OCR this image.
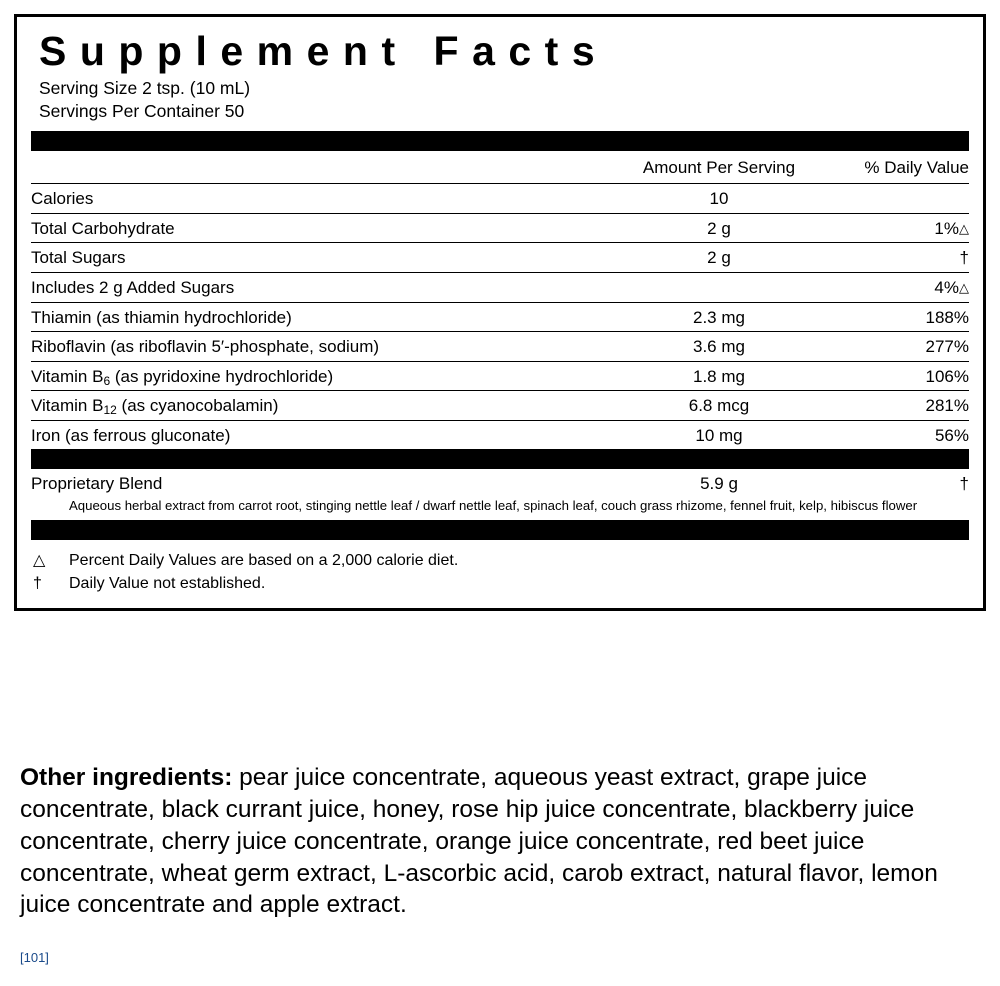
Supplement Facts
Serving Size 2 tsp. (10 mL)
Servings Per Container 50
	Amount Per Serving	% Daily Value
Calories	10	
Total Carbohydrate	2 g	1%△
Total Sugars	2 g	†
Includes 2 g Added Sugars		4%△
Thiamin (as thiamin hydrochloride)	2.3 mg	188%
Riboflavin (as riboflavin 5′-phosphate, sodium)	3.6 mg	277%
Vitamin B6 (as pyridoxine hydrochloride)	1.8 mg	106%
Vitamin B12 (as cyanocobalamin)	6.8 mcg	281%
Iron (as ferrous gluconate)	10 mg	56%
Proprietary Blend	5.9 g	†
Aqueous herbal extract from carrot root, stinging nettle leaf / dwarf nettle leaf, spinach leaf, couch grass rhizome, fennel fruit, kelp, hibiscus flower
△	Percent Daily Values are based on a 2,000 calorie diet.
†	Daily Value not established.
Other ingredients: pear juice concentrate, aqueous yeast extract, grape juice concentrate, black currant juice, honey, rose hip juice concentrate, blackberry juice concentrate, cherry juice concentrate, orange juice concentrate, red beet juice concentrate, wheat germ extract, L-ascorbic acid, carob extract, natural flavor, lemon juice concentrate and apple extract.
[101]
